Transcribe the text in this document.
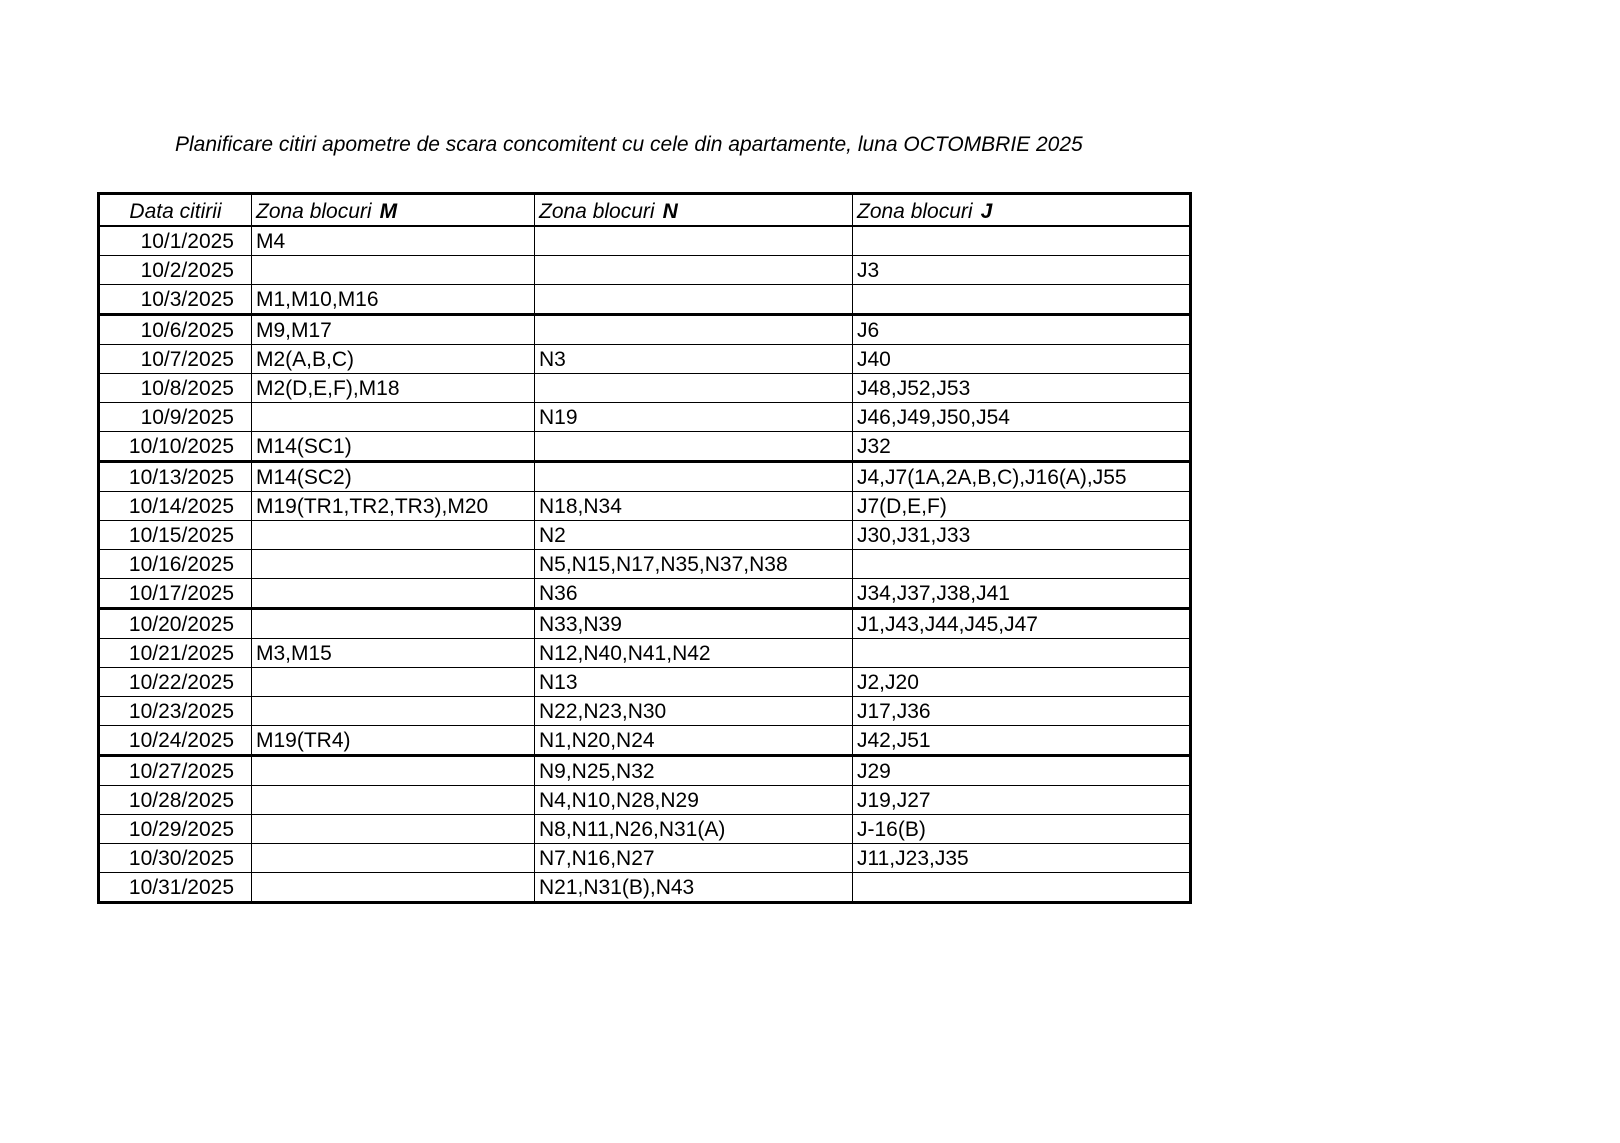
Planificare citiri apometre de scara concomitent cu cele din apartamente, luna OCTOMBRIE 2025
Data citirii	Zona blocuri M	Zona blocuri N	Zona blocuri J
10/1/2025	M4		
10/2/2025			J3
10/3/2025	M1,M10,M16		
10/6/2025	M9,M17		J6
10/7/2025	M2(A,B,C)	N3	J40
10/8/2025	M2(D,E,F),M18		J48,J52,J53
10/9/2025		N19	J46,J49,J50,J54
10/10/2025	M14(SC1)		J32
10/13/2025	M14(SC2)		J4,J7(1A,2A,B,C),J16(A),J55
10/14/2025	M19(TR1,TR2,TR3),M20	N18,N34	J7(D,E,F)
10/15/2025		N2	J30,J31,J33
10/16/2025		N5,N15,N17,N35,N37,N38	
10/17/2025		N36	J34,J37,J38,J41
10/20/2025		N33,N39	J1,J43,J44,J45,J47
10/21/2025	M3,M15	N12,N40,N41,N42	
10/22/2025		N13	J2,J20
10/23/2025		N22,N23,N30	J17,J36
10/24/2025	M19(TR4)	N1,N20,N24	J42,J51
10/27/2025		N9,N25,N32	J29
10/28/2025		N4,N10,N28,N29	J19,J27
10/29/2025		N8,N11,N26,N31(A)	J-16(B)
10/30/2025		N7,N16,N27	J11,J23,J35
10/31/2025		N21,N31(B),N43	
